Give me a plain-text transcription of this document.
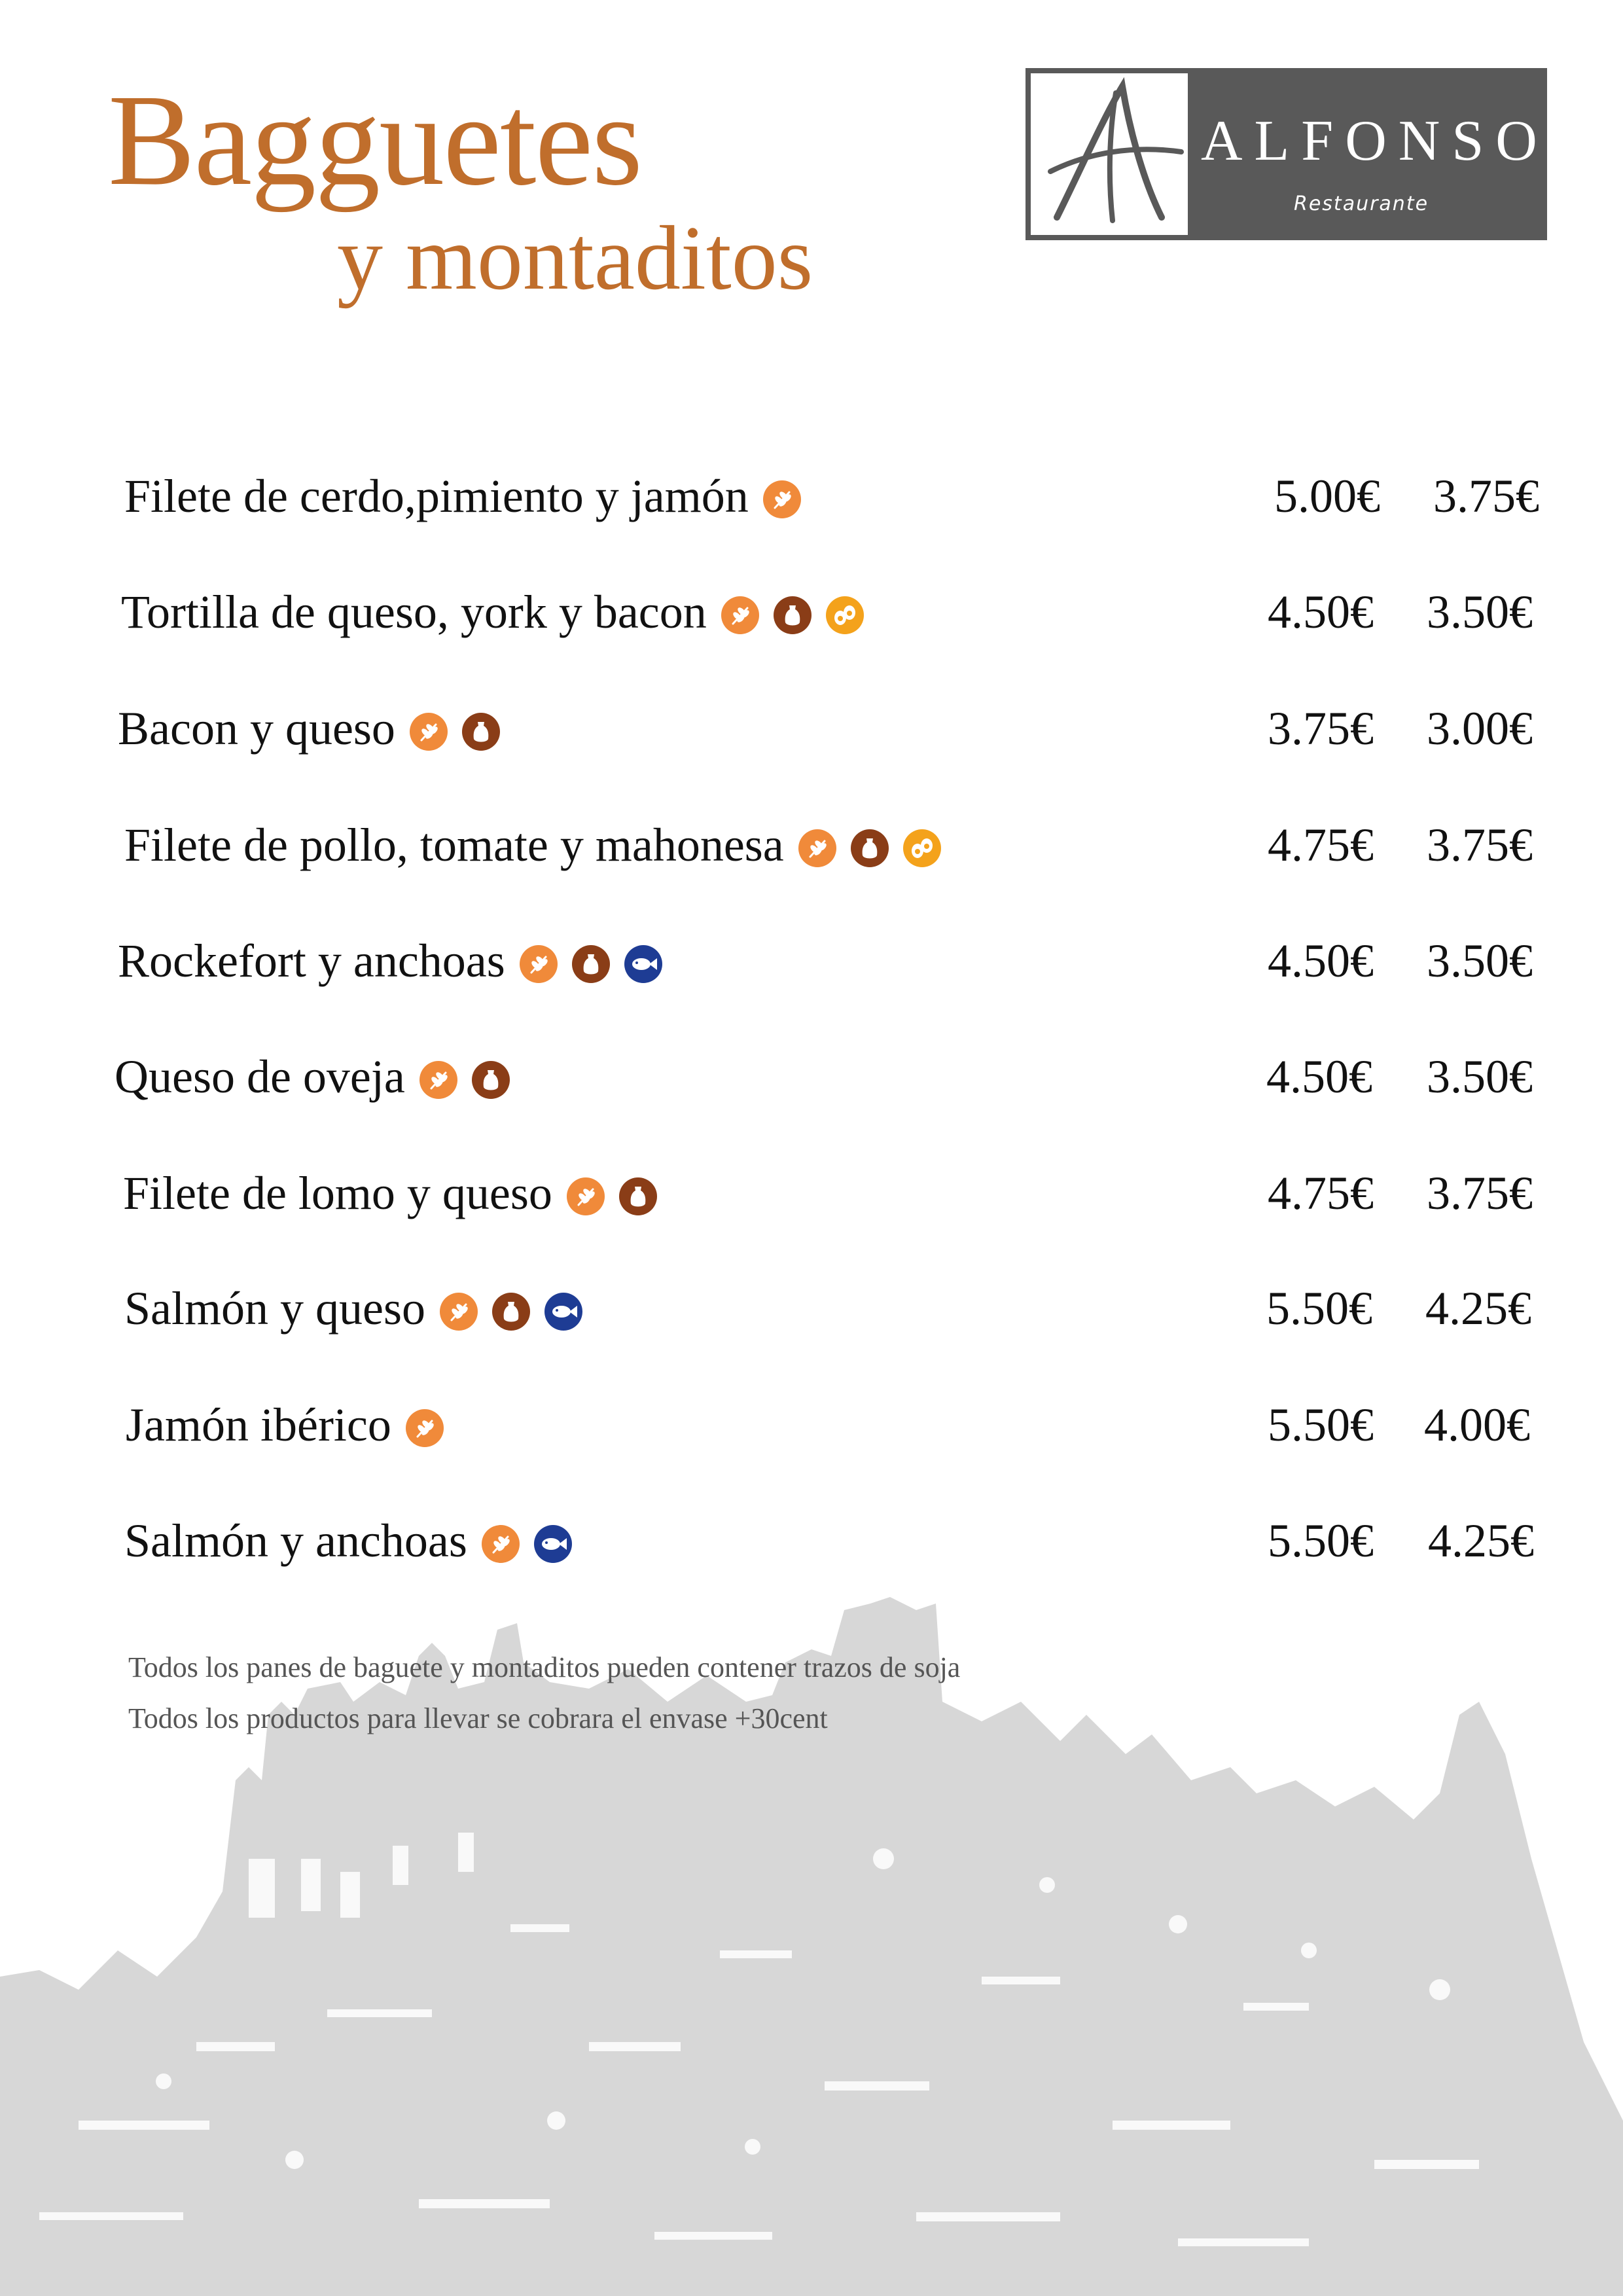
Bagguetes
y montaditos
ALFONSO
Restaurante
Filete de cerdo,pimiento y jamón	5.00€ 3.75€
Tortilla de queso, york y bacon	4.50€ 3.50€
Bacon y queso	3.75€ 3.00€
Filete de pollo, tomate y mahonesa	4.75€ 3.75€
Rockefort y anchoas	4.50€ 3.50€
Queso de oveja	4.50€ 3.50€
Filete de lomo y queso	4.75€ 3.75€
Salmón y queso	5.50€ 4.25€
Jamón ibérico	5.50€ 4.00€
Salmón y anchoas	5.50€ 4.25€
Todos los panes de baguete y montaditos pueden contener trazos de soja
Todos los productos para llevar se cobrara el envase +30cent
